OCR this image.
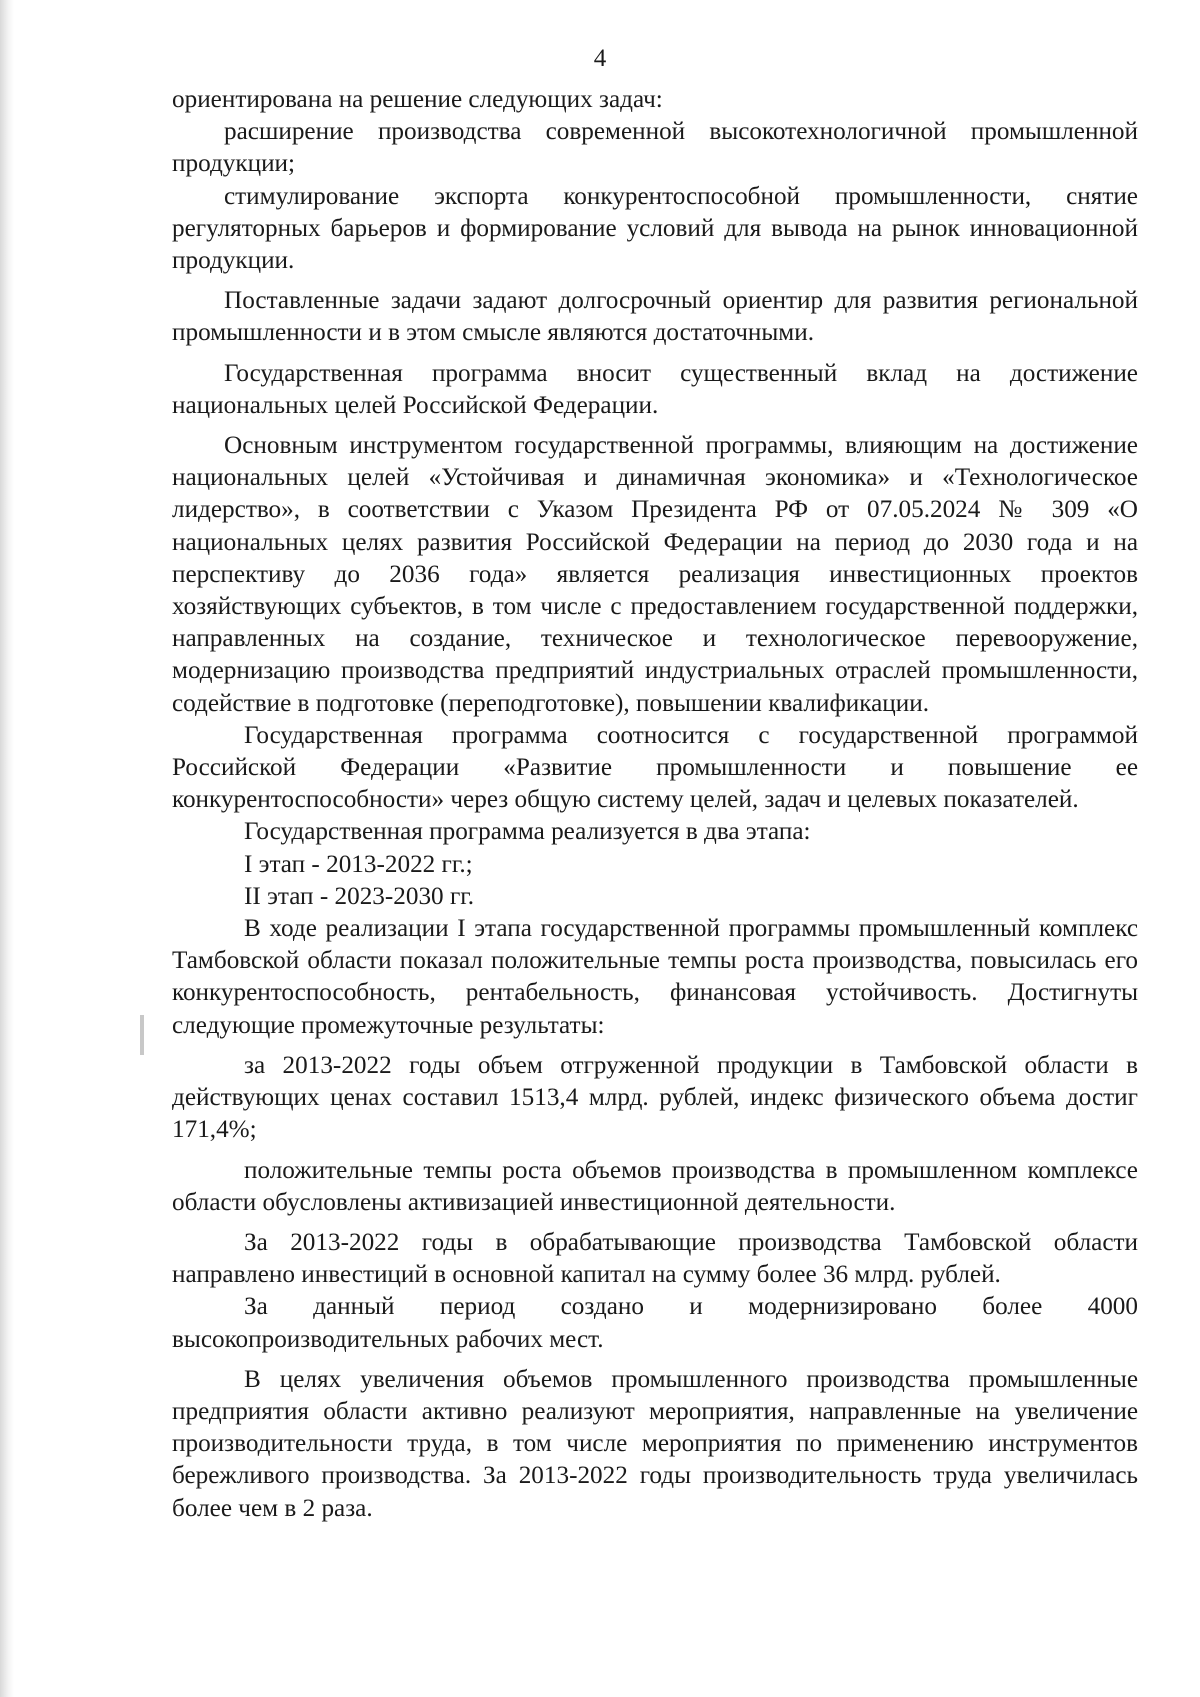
4

ориентирована на решение следующих задач:

расширение производства современной высокотехнологичной промышленной продукции;

стимулирование экспорта конкурентоспособной промышленности, снятие регуляторных барьеров и формирование условий для вывода на рынок инновационной продукции.

Поставленные задачи задают долгосрочный ориентир для развития региональной промышленности и в этом смысле являются достаточными.

Государственная программа вносит существенный вклад на достижение национальных целей Российской Федерации.

Основным инструментом государственной программы, влияющим на достижение национальных целей «Устойчивая и динамичная экономика» и «Технологическое лидерство», в соответствии с Указом Президента РФ от 07.05.2024 № 309 «О национальных целях развития Российской Федерации на период до 2030 года и на перспективу до 2036 года» является реализация инвестиционных проектов хозяйствующих субъектов, в том числе с предоставлением государственной поддержки, направленных на создание, техническое и технологическое перевооружение, модернизацию производства предприятий индустриальных отраслей промышленности, содействие в подготовке (переподготовке), повышении квалификации.

Государственная программа соотносится с государственной программой Российской Федерации «Развитие промышленности и повышение ее конкурентоспособности» через общую систему целей, задач и целевых показателей.

Государственная программа реализуется в два этапа:

I этап - 2013-2022 гг.;

II этап - 2023-2030 гг.

В ходе реализации I этапа государственной программы промышленный комплекс Тамбовской области показал положительные темпы роста производства, повысилась его конкурентоспособность, рентабельность, финансовая устойчивость. Достигнуты следующие промежуточные результаты:

за 2013-2022 годы объем отгруженной продукции в Тамбовской области в действующих ценах составил 1513,4 млрд. рублей, индекс физического объема достиг 171,4%;

положительные темпы роста объемов производства в промышленном комплексе области обусловлены активизацией инвестиционной деятельности.

За 2013-2022 годы в обрабатывающие производства Тамбовской области направлено инвестиций в основной капитал на сумму более 36 млрд. рублей.

За данный период создано и модернизировано более 4000 высокопроизводительных рабочих мест.

В целях увеличения объемов промышленного производства промышленные предприятия области активно реализуют мероприятия, направленные на увеличение производительности труда, в том числе мероприятия по применению инструментов бережливого производства. За 2013-2022 годы производительность труда увеличилась более чем в 2 раза.
